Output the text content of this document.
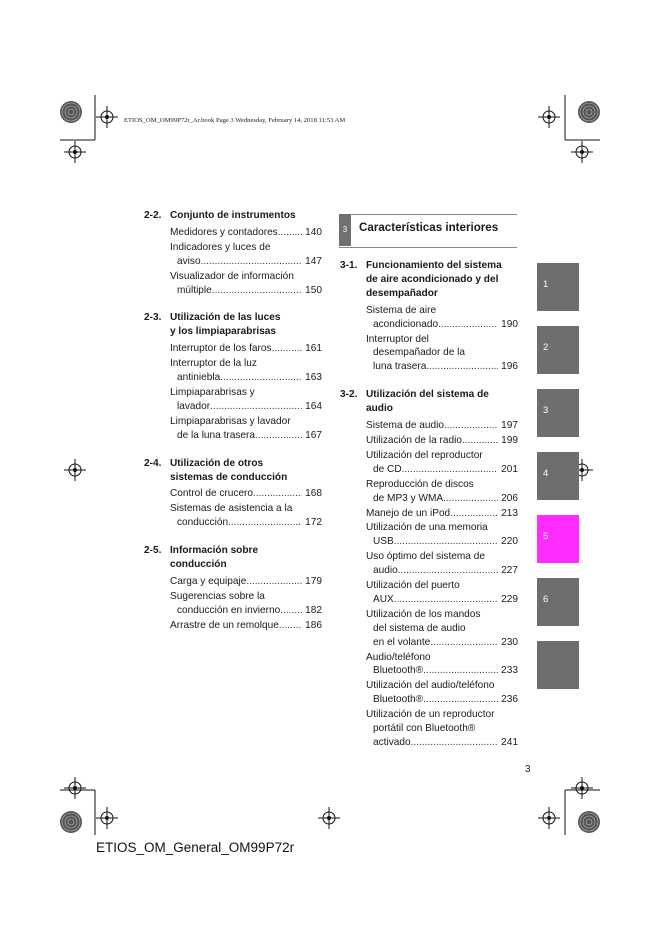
ETIOS_OM_OM99P72r_Ar.book Page 3 Wednesday, February 14, 2018 11:53 AM
ETIOS_OM_General_OM99P72r
3
3	Características interiores
2-2. Conjunto de instrumentos
Medidores y contadores .....	140
Indicadores y luces de
aviso .....	147
Visualizador de información
múltiple .....	150
2-3. Utilización de las luces
y los limpiaparabrisas
Interruptor de los faros .....	161
Interruptor de la luz
antiniebla .....	163
Limpiaparabrisas y
lavador .....	164
Limpiaparabrisas y lavador
de la luna trasera .....	167
2-4. Utilización de otros
sistemas de conducción
Control de crucero .....	168
Sistemas de asistencia a la
conducción .....	172
2-5. Información sobre
conducción
Carga y equipaje .....	179
Sugerencias sobre la
conducción en invierno ..... 182
Arrastre de un remolque .....	186
3-1. Funcionamiento del sistema
de aire acondicionado y del
desempañador
Sistema de aire
acondicionado .....	190
Interruptor del
desempañador de la
luna trasera .....	196
3-2. Utilización del sistema de
audio
Sistema de audio .....	197
Utilización de la radio .....	199
Utilización del reproductor
de CD .....	201
Reproducción de discos
de MP3 y WMA .....	206
Manejo de un iPod .....	213
Utilización de una memoria
USB .....	220
Uso óptimo del sistema de
audio .....	227
Utilización del puerto
AUX .....	229
Utilización de los mandos
del sistema de audio
en el volante .....	230
Audio/teléfono
Bluetooth® .....	233
Utilización del audio/teléfono
Bluetooth® .....	236
Utilización de un reproductor
portátil con Bluetooth®
activado .....	241
1
2
3
4
5
6
